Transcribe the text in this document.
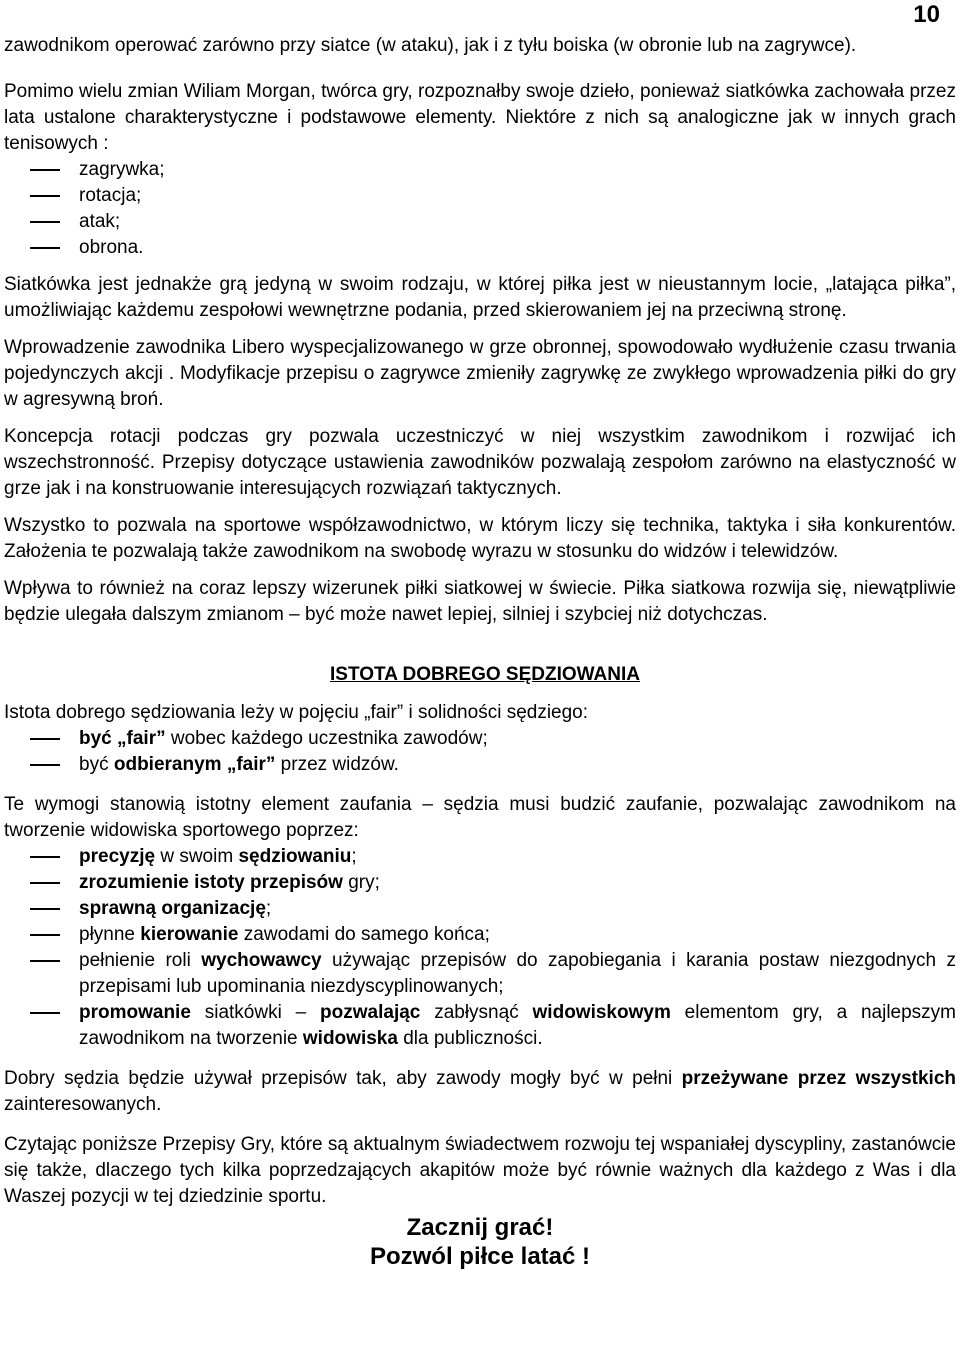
10

zawodnikom operować zarówno przy siatce (w ataku), jak i z tyłu boiska (w obronie lub na zagrywce).

Pomimo wielu zmian Wiliam Morgan, twórca gry, rozpoznałby swoje dzieło, ponieważ siatkówka zachowała przez lata ustalone charakterystyczne i podstawowe elementy. Niektóre z nich są analogiczne jak w innych grach tenisowych :

zagrywka;
rotacja;
atak;
obrona.

Siatkówka jest jednakże grą jedyną w swoim rodzaju, w której piłka jest w nieustannym locie, „latająca piłka”, umożliwiając każdemu zespołowi wewnętrzne podania, przed skierowaniem jej na przeciwną stronę.

Wprowadzenie zawodnika Libero wyspecjalizowanego w grze obronnej, spowodowało wydłużenie czasu trwania pojedynczych akcji . Modyfikacje przepisu o zagrywce zmieniły zagrywkę ze zwykłego wprowadzenia piłki do gry w agresywną broń.

Koncepcja rotacji podczas gry pozwala uczestniczyć w niej wszystkim zawodnikom i rozwijać ich wszechstronność. Przepisy dotyczące ustawienia zawodników pozwalają zespołom zarówno na elastyczność w grze jak i na konstruowanie interesujących rozwiązań taktycznych.

Wszystko to pozwala na sportowe współzawodnictwo, w którym liczy się technika, taktyka i siła konkurentów. Założenia te pozwalają także zawodnikom na swobodę wyrazu w stosunku do widzów i telewidzów.

Wpływa to również na coraz lepszy wizerunek piłki siatkowej w świecie. Piłka siatkowa rozwija się, niewątpliwie będzie ulegała dalszym zmianom – być może nawet lepiej, silniej i szybciej niż dotychczas.

ISTOTA DOBREGO SĘDZIOWANIA

Istota dobrego sędziowania leży w pojęciu „fair” i solidności sędziego:

być „fair” wobec każdego uczestnika zawodów;
być odbieranym „fair” przez widzów.

Te wymogi stanowią istotny element zaufania – sędzia musi budzić zaufanie, pozwalając zawodnikom na tworzenie widowiska sportowego poprzez:

precyzję w swoim sędziowaniu;
zrozumienie istoty przepisów gry;
sprawną organizację;
płynne kierowanie zawodami do samego końca;
pełnienie roli wychowawcy używając przepisów do zapobiegania i karania postaw niezgodnych z przepisami lub upominania niezdyscyplinowanych;
promowanie siatkówki – pozwalając zabłysnąć widowiskowym elementom gry, a najlepszym zawodnikom na tworzenie widowiska dla publiczności.

Dobry sędzia będzie używał przepisów tak, aby zawody mogły być w pełni przeżywane przez wszystkich zainteresowanych.

Czytając poniższe Przepisy Gry, które są aktualnym świadectwem rozwoju tej wspaniałej dyscypliny, zastanówcie się także, dlaczego tych kilka poprzedzających akapitów może być równie ważnych dla każdego z Was i dla Waszej pozycji w tej dziedzinie sportu.

Zacznij grać!
Pozwól piłce latać !
